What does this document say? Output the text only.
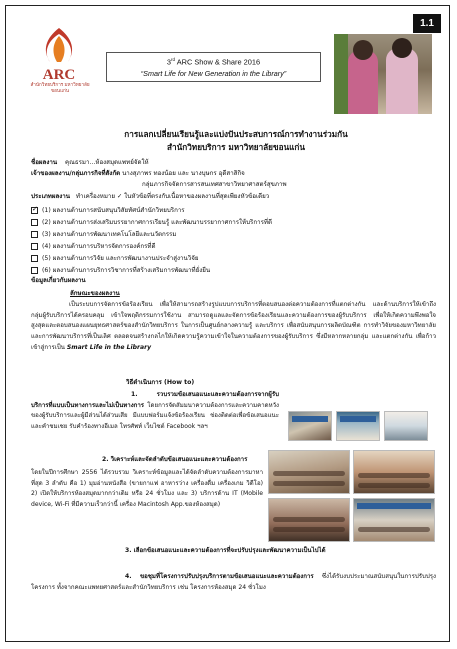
1.1
ARC
สำนักวิทยบริการ มหาวิทยาลัยขอนแก่น
3rd ARC Show & Share 2016
“Smart Life for New Generation in the Library”
การแลกเปลี่ยนเรียนรู้และแบ่งปันประสบการณ์การทำงานร่วมกัน
สำนักวิทยบริการ มหาวิทยาลัยขอนแก่น
ชื่อผลงาน คุณธรมา...ห้องสมุดแพทย์จัดให้
เจ้าของผลงาน/กลุ่มภารกิจที่สังกัด นางสุภาพร ทองน้อย และ นางบุษกร อุดีสาสิกิจ
กลุ่มภารกิจจัดการสารสนเทศสาขาวิทยาศาสตร์สุขภาพ
ประเภทผลงาน ทำเครื่องหมาย ✓ ในหัวข้อที่ตรงกับเนื้อหาของผลงานที่สุดเพียงหัวข้อเดียว
✓
(1) ผลงานด้านการสนับสนุนวิสัยทัศน์สำนักวิทยบริการ
(2) ผลงานด้านการส่งเสริมบรรยากาศการเรียนรู้ และพัฒนาบรรยากาศการให้บริการที่ดี
(3) ผลงานด้านการพัฒนาเทคโนโลยีและนวัตกรรม
(4) ผลงานด้านการบริหารจัดการองค์กรที่ดี
(5) ผลงานด้านการวิจัย และการพัฒนางานประจำสู่งานวิจัย
(6) ผลงานด้านการบริการวิชาการที่สร้างเสริมการพัฒนาที่ยั่งยืน
ข้อมูลเกี่ยวกับผลงาน
ลักษณะของผลงาน
เป็นระบบการจัดการข้อร้องเรียน เพื่อให้สามารถสร้างรูปแบบการบริการที่ตอบสนองต่อความต้องการที่แตกต่างกัน และด้านบริการให้เข้าถึงกลุ่มผู้รับบริการได้ครอบคลุม เข้าใจพฤติกรรมการใช้งาน สามารถดูแลและจัดการข้อร้องเรียนและความต้องการของผู้รับบริการ เพื่อให้เกิดความพึงพอใจสูงสุดและตอบสนองแผนยุทธศาสตร์ของสำนักวิทยบริการ ในการเป็นศูนย์กลางความรู้ และบริการ เพื่อสนับสนุนการผลิตบัณฑิต การทำวิจัยของมหาวิทยาลัย และการพัฒนาบริการที่เป็นเลิศ ตลอดจนสร้างกลไกให้เกิดความรู้ความเข้าใจในความต้องการของผู้รับบริการ ซึ่งมีหลากหลายกลุ่ม และแตกต่างกัน เพื่อก้าวเข้าสู่การเป็น Smart Life in the Library
วิธีดำเนินการ (How to)
1. รวบรวมข้อเสนอแนะและความต้องการจากผู้รับบริการที่แบบเป็นทางการและไม่เป็นทางการ โดยการจัดสัมมนาความต้องการและความคาดหวังของผู้รับบริการและผู้มีส่วนได้ส่วนเสีย มีแบบฟอร์มแจ้งข้อร้องเรียน ช่องติดต่อเพื่อข้อเสนอแนะและคำชมเชย รับคำร้องทางอีเมล โทรศัพท์ เว็บไซต์ Facebook ฯลฯ
2. วิเคราะห์และจัดลำดับข้อเสนอแนะและความต้องการ
โดยในปีการศึกษา 2556 ได้รวบรวม วิเคราะห์ข้อมูลและได้จัดลำดับความต้องการมาหาที่สุด 3 ลำดับ คือ 1) มุมอ่านหนังสือ (ขายกาแฟ อาหารว่าง เครื่องดื่ม เครื่องเกม วิดีโอ) 2) เปิดให้บริการห้องสมุดมากกว่าเดิม หรือ 24 ชั่วโมง และ 3) บริการด้าน IT (Mobile device, Wi-Fi ที่มีความเร็วกว่านี้ เครื่อง Macintosh App.ของห้องสมุด)
3. เลือกข้อเสนอแนะและความต้องการที่จะปรับปรุงและพัฒนาความเป็นไปได้
4. ขอชุมที่โครงการปรับปรุงบริการตามข้อเสนอแนะและความต้องการ ซึ่งได้รับงบประมาณสนับสนุนในการปรับปรุงโครงการ ทั้งจากคณะแพทยศาสตร์และสำนักวิทยบริการ เช่น โครงการห้องสมุด 24 ชั่วโมง
